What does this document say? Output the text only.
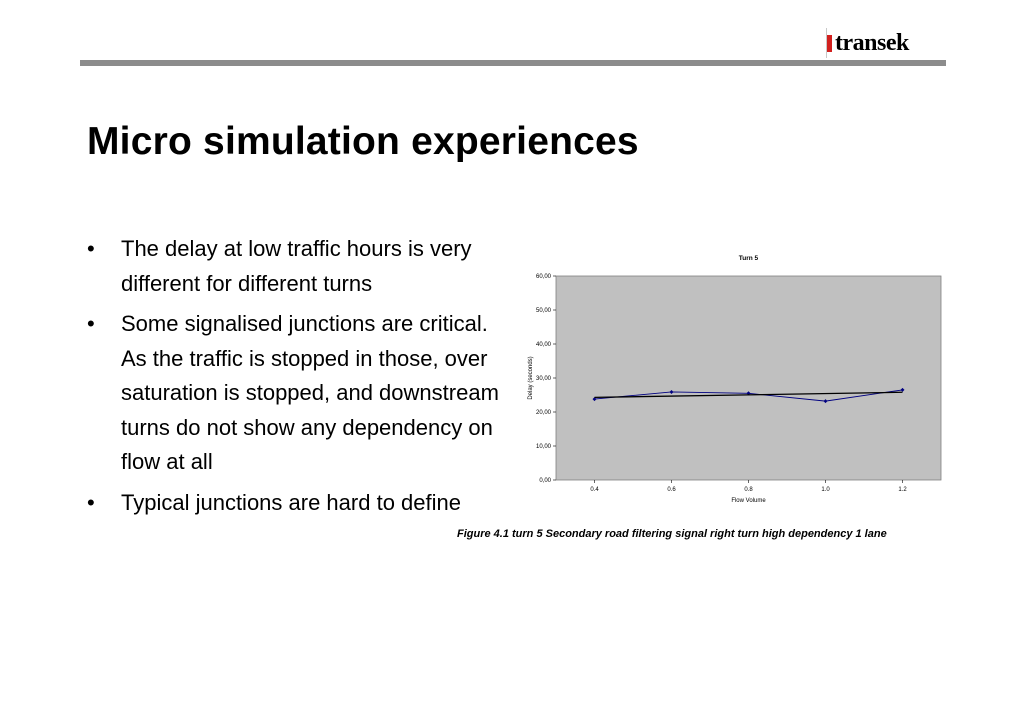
transek
Micro simulation experiences
• The delay at low traffic hours is very different for different turns
• Some signalised junctions are critical. As the traffic is stopped in those, over saturation is stopped, and downstream turns do not show any dependency on flow at all
• Typical junctions are hard to define
Turn 5
0,00
10,00
20,00
30,00
40,00
50,00
60,00
0.4	0.6	0.8	1.0	1.2
Flow Volume
Delay (seconds)
Figure 4.1 turn 5 Secondary road filtering signal right turn high dependency 1 lane
